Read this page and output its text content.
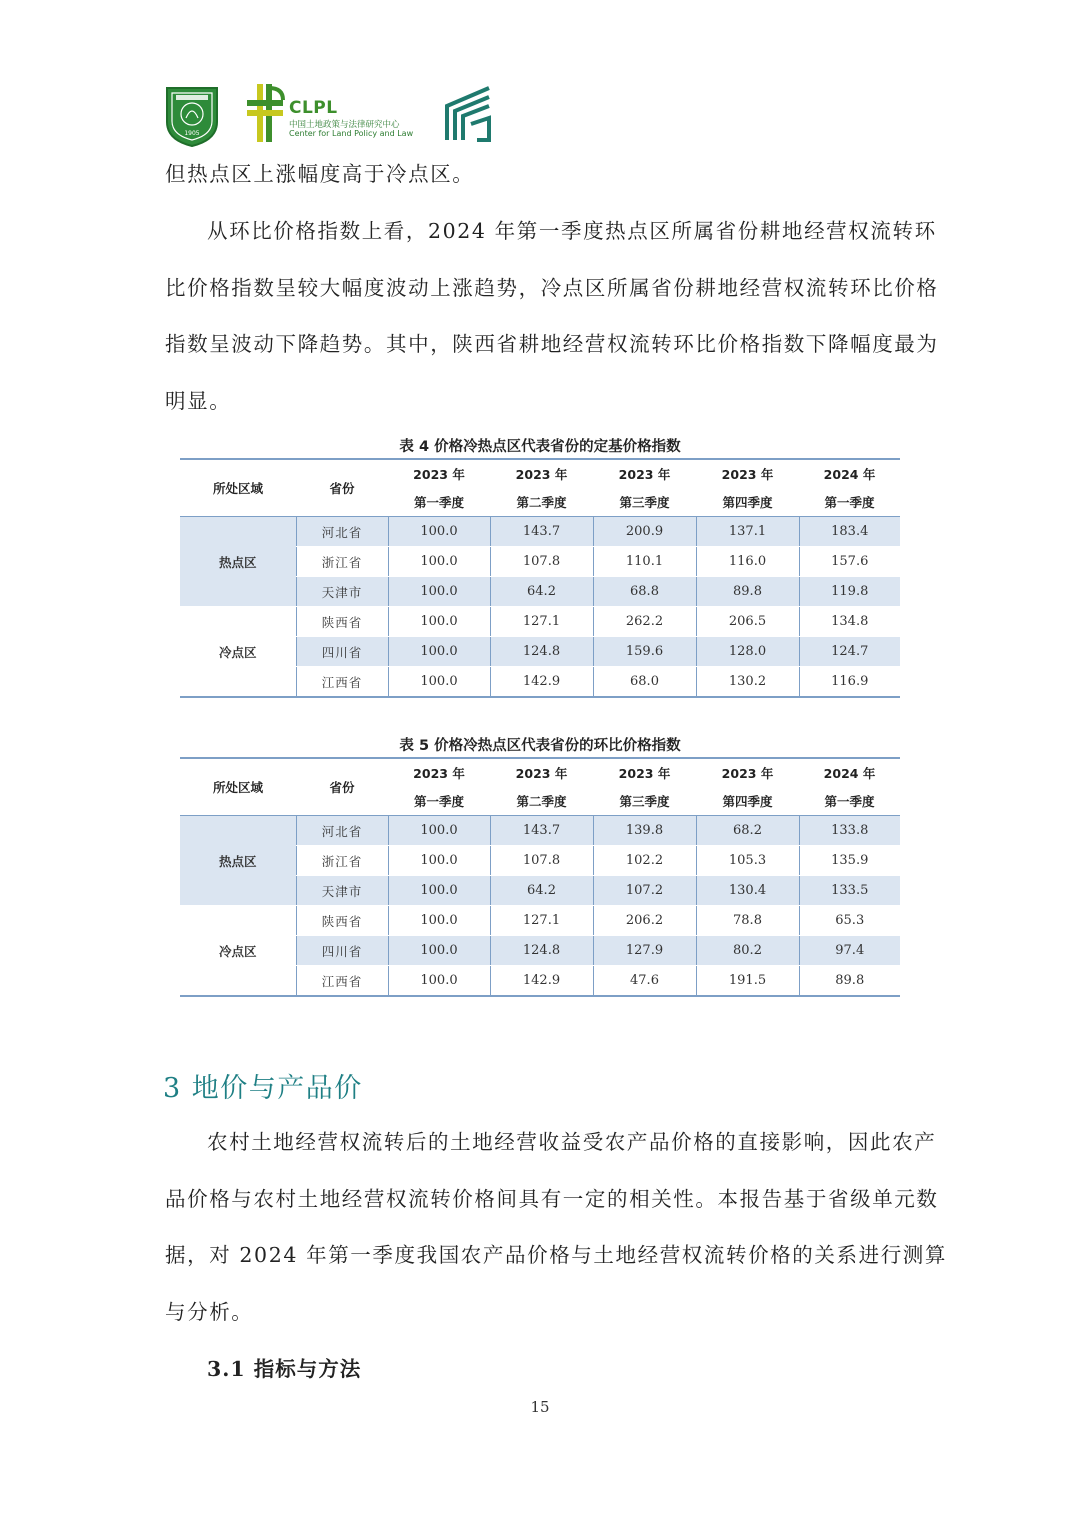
1905
CLPL
中国土地政策与法律研究中心
Center for Land Policy and Law
但热点区上涨幅度高于冷点区。
从环比价格指数上看，2024 年第一季度热点区所属省份耕地经营权流转环
比价格指数呈较大幅度波动上涨趋势，冷点区所属省份耕地经营权流转环比价格
指数呈波动下降趋势。其中，陕西省耕地经营权流转环比价格指数下降幅度最为
明显。
表 4 价格冷热点区代表省份的定基价格指数
所处区域	省份	2023 年	2023 年	2023 年	2023 年	2024 年
		第一季度	第二季度	第三季度	第四季度	第一季度
热点区	河北省	100.0	143.7	200.9	137.1	183.4
	浙江省	100.0	107.8	110.1	116.0	157.6
	天津市	100.0	64.2	68.8	89.8	119.8
冷点区	陕西省	100.0	127.1	262.2	206.5	134.8
	四川省	100.0	124.8	159.6	128.0	124.7
	江西省	100.0	142.9	68.0	130.2	116.9
表 5 价格冷热点区代表省份的环比价格指数
所处区域	省份	2023 年	2023 年	2023 年	2023 年	2024 年
		第一季度	第二季度	第三季度	第四季度	第一季度
热点区	河北省	100.0	143.7	139.8	68.2	133.8
	浙江省	100.0	107.8	102.2	105.3	135.9
	天津市	100.0	64.2	107.2	130.4	133.5
冷点区	陕西省	100.0	127.1	206.2	78.8	65.3
	四川省	100.0	124.8	127.9	80.2	97.4
	江西省	100.0	142.9	47.6	191.5	89.8
3 地价与产品价
农村土地经营权流转后的土地经营收益受农产品价格的直接影响，因此农产
品价格与农村土地经营权流转价格间具有一定的相关性。本报告基于省级单元数
据，对 2024 年第一季度我国农产品价格与土地经营权流转价格的关系进行测算
与分析。
3.1 指标与方法
15
